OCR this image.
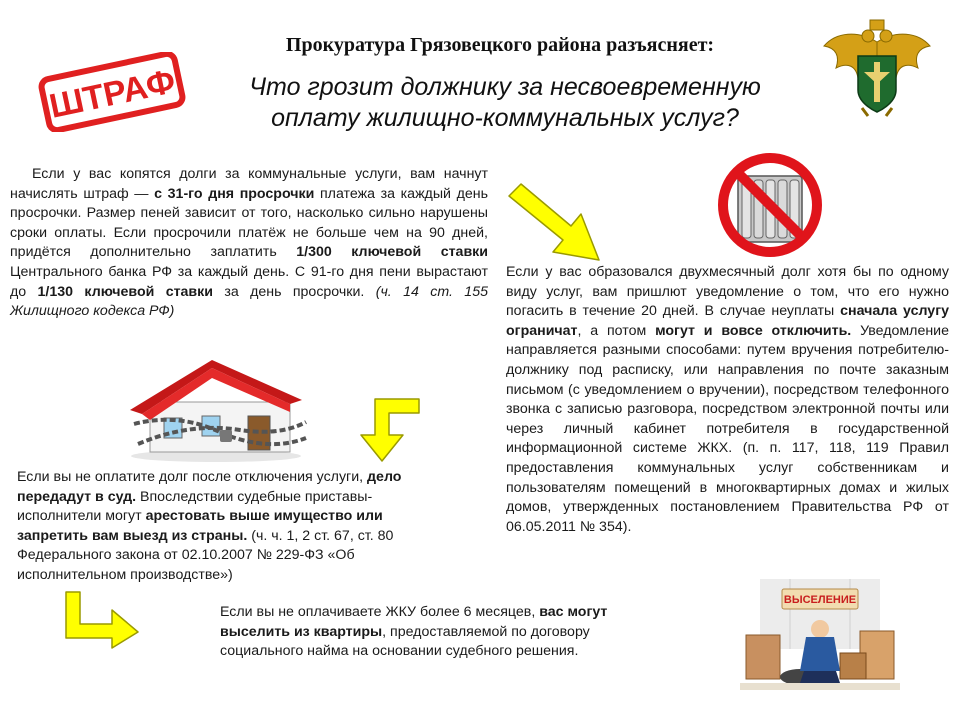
Прокуратура Грязовецкого района разъясняет:
Что грозит должнику за несвоевременную
оплату жилищно-коммунальных услуг?
ШТРАФ
Если у вас копятся долги за коммунальные услуги, вам начнут начислять штраф — с 31-го дня просрочки платежа за каждый день просрочки. Размер пеней зависит от того, насколько сильно нарушены сроки оплаты. Если просрочили платёж не больше чем на 90 дней, придётся дополнительно заплатить 1/300 ключевой ставки Центрального банка РФ за каждый день. С 91-го дня пени вырастают до 1/130 ключевой ставки за день просрочки. (ч. 14 ст. 155 Жилищного кодекса РФ)
Если у вас образовался двухмесячный долг хотя бы по одному виду услуг, вам пришлют уведомление о том, что его нужно погасить в течение 20 дней. В случае неуплаты сначала услугу ограничат, а потом могут и вовсе отключить. Уведомление направляется разными способами: путем вручения потребителю-должнику под расписку, или направления по почте заказным письмом (с уведомлением о вручении), посредством телефонного звонка с записью разговора, посредством электронной почты или через личный кабинет потребителя в государственной информационной системе ЖКХ. (п. п. 117, 118, 119 Правил предоставления коммунальных услуг собственникам и пользователям помещений в многоквартирных домах и жилых домов, утвержденных постановлением Правительства РФ от 06.05.2011 № 354).
Если вы не оплатите долг после отключения услуги, дело передадут в суд. Впоследствии судебные приставы-исполнители могут арестовать выше имущество или запретить вам выезд из страны. (ч. ч. 1, 2 ст. 67, ст. 80 Федерального закона от 02.10.2007 № 229-ФЗ «Об исполнительном производстве»)
Если вы не оплачиваете ЖКУ более 6 месяцев, вас могут выселить из квартиры, предоставляемой по договору социального найма на основании судебного решения.
ВЫСЕЛЕНИЕ
